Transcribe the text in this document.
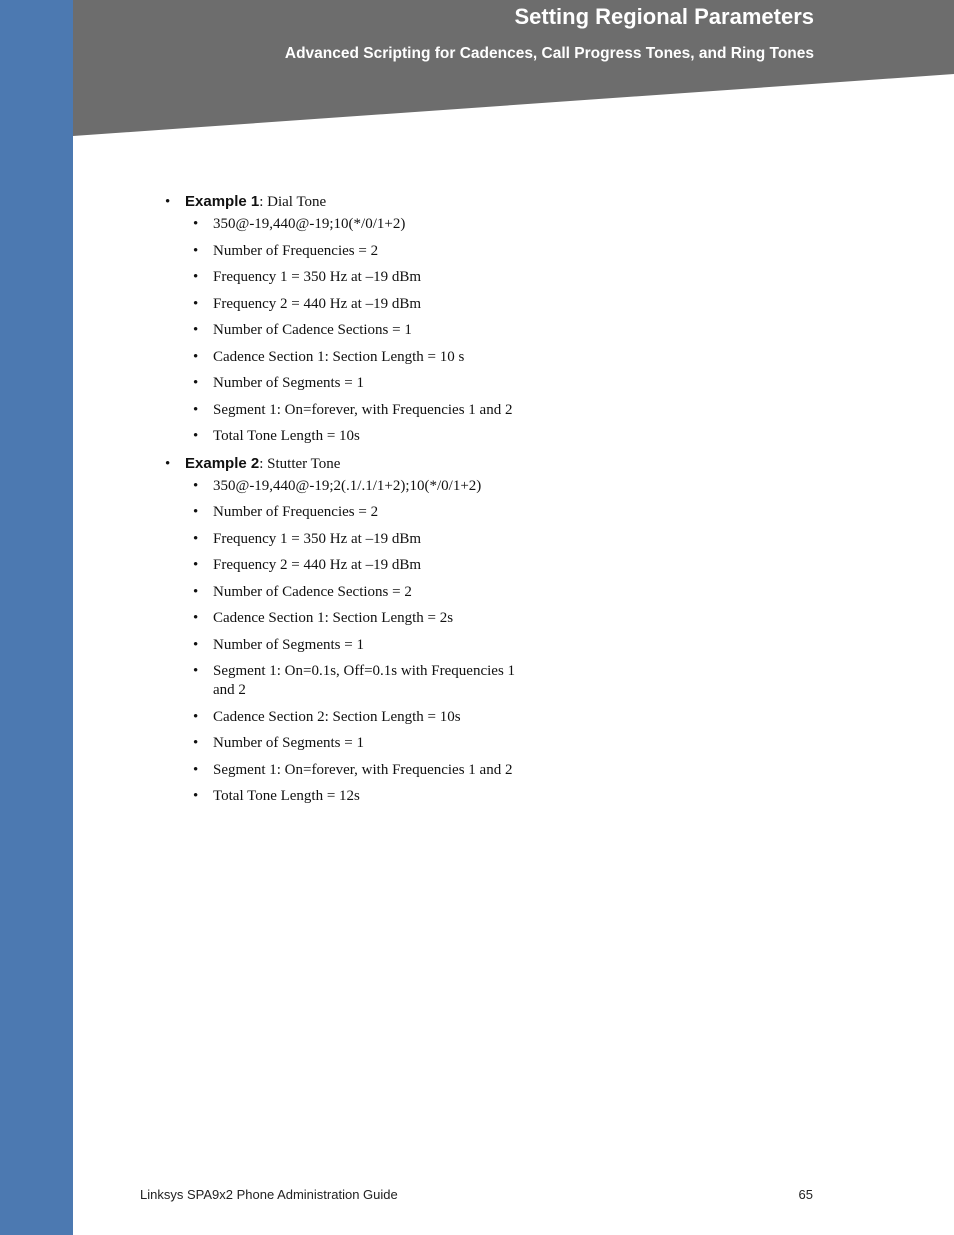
Setting Regional Parameters
Advanced Scripting for Cadences, Call Progress Tones, and Ring Tones
• Example 1: Dial Tone
• 350@-19,440@-19;10(*/0/1+2)
• Number of Frequencies = 2
• Frequency 1 = 350 Hz at –19 dBm
• Frequency 2 = 440 Hz at –19 dBm
• Number of Cadence Sections = 1
• Cadence Section 1: Section Length = 10 s
• Number of Segments = 1
• Segment 1: On=forever, with Frequencies 1 and 2
• Total Tone Length = 10s
• Example 2: Stutter Tone
• 350@-19,440@-19;2(.1/.1/1+2);10(*/0/1+2)
• Number of Frequencies = 2
• Frequency 1 = 350 Hz at –19 dBm
• Frequency 2 = 440 Hz at –19 dBm
• Number of Cadence Sections = 2
• Cadence Section 1: Section Length = 2s
• Number of Segments = 1
• Segment 1: On=0.1s, Off=0.1s with Frequencies 1 and 2
• Cadence Section 2: Section Length = 10s
• Number of Segments = 1
• Segment 1: On=forever, with Frequencies 1 and 2
• Total Tone Length = 12s
Linksys SPA9x2 Phone Administration Guide	65
